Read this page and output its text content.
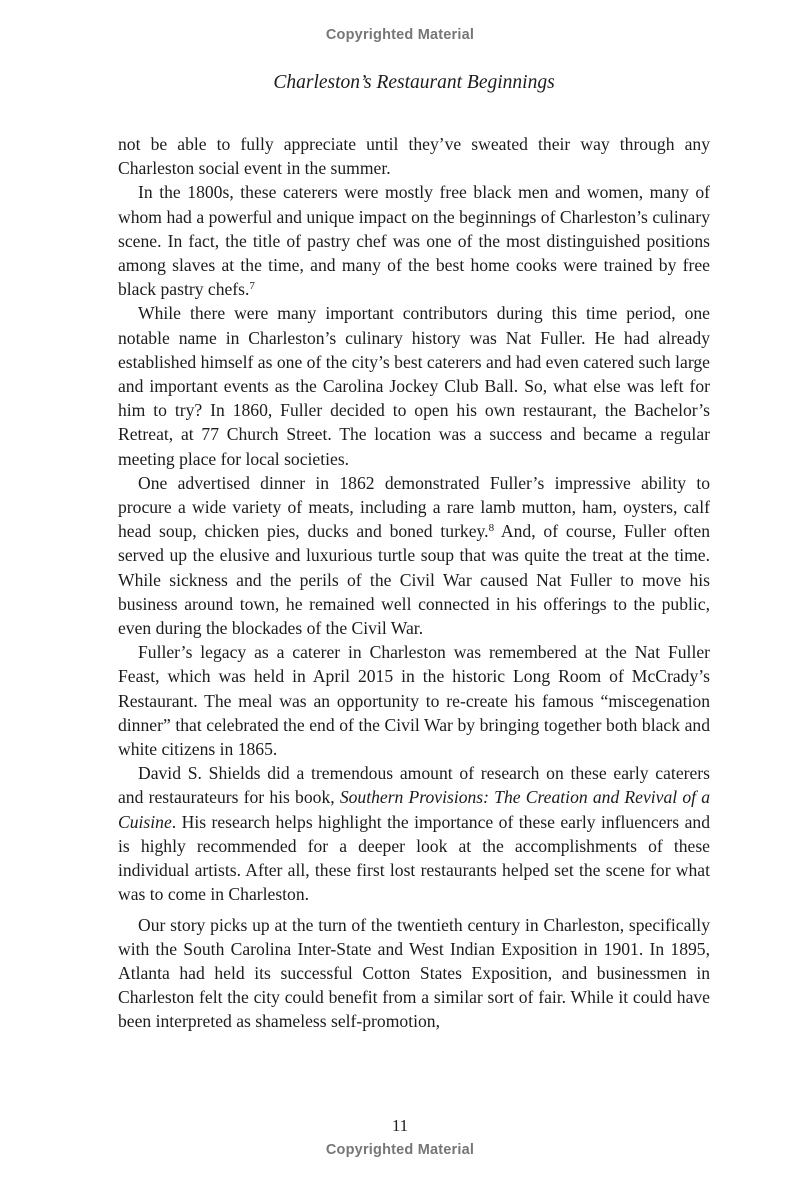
Copyrighted Material
Charleston’s Restaurant Beginnings

not be able to fully appreciate until they’ve sweated their way through any Charleston social event in the summer.

In the 1800s, these caterers were mostly free black men and women, many of whom had a powerful and unique impact on the beginnings of Charleston’s culinary scene. In fact, the title of pastry chef was one of the most distinguished positions among slaves at the time, and many of the best home cooks were trained by free black pastry chefs.$^7$

While there were many important contributors during this time period, one notable name in Charleston’s culinary history was Nat Fuller. He had already established himself as one of the city’s best caterers and had even catered such large and important events as the Carolina Jockey Club Ball. So, what else was left for him to try? In 1860, Fuller decided to open his own restaurant, the Bachelor’s Retreat, at 77 Church Street. The location was a success and became a regular meeting place for local societies.

One advertised dinner in 1862 demonstrated Fuller’s impressive ability to procure a wide variety of meats, including a rare lamb mutton, ham, oysters, calf head soup, chicken pies, ducks and boned turkey.$^8$ And, of course, Fuller often served up the elusive and luxurious turtle soup that was quite the treat at the time. While sickness and the perils of the Civil War caused Nat Fuller to move his business around town, he remained well connected in his offerings to the public, even during the blockades of the Civil War.

Fuller’s legacy as a caterer in Charleston was remembered at the Nat Fuller Feast, which was held in April 2015 in the historic Long Room of McCrady’s Restaurant. The meal was an opportunity to re-create his famous “miscegenation dinner” that celebrated the end of the Civil War by bringing together both black and white citizens in 1865.

David S. Shields did a tremendous amount of research on these early caterers and restaurateurs for his book, Southern Provisions: The Creation and Revival of a Cuisine. His research helps highlight the importance of these early influencers and is highly recommended for a deeper look at the accomplishments of these individual artists. After all, these first lost restaurants helped set the scene for what was to come in Charleston.

Our story picks up at the turn of the twentieth century in Charleston, specifically with the South Carolina Inter-State and West Indian Exposition in 1901. In 1895, Atlanta had held its successful Cotton States Exposition, and businessmen in Charleston felt the city could benefit from a similar sort of fair. While it could have been interpreted as shameless self-promotion,

11
Copyrighted Material
